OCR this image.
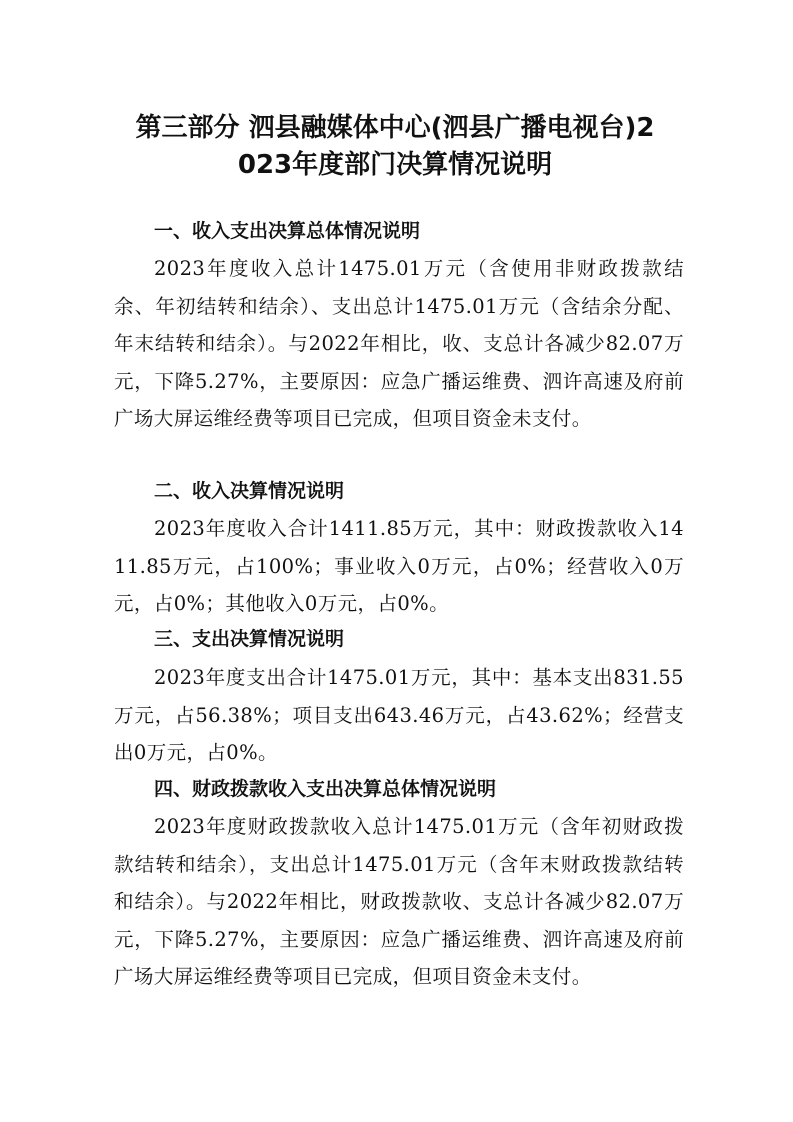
第三部分 泗县融媒体中心(泗县广播电视台)2
023年度部门决算情况说明
一、收入支出决算总体情况说明
2023年度收入总计1475.01万元（含使用非财政拨款结余、年初结转和结余）、支出总计1475.01万元（含结余分配、年末结转和结余）。与2022年相比，收、支总计各减少82.07万元，下降5.27%，主要原因：应急广播运维费、泗许高速及府前广场大屏运维经费等项目已完成，但项目资金未支付。
二、收入决算情况说明
2023年度收入合计1411.85万元，其中：财政拨款收入1411.85万元，占100%；事业收入0万元，占0%；经营收入0万元，占0%；其他收入0万元，占0%。
三、支出决算情况说明
2023年度支出合计1475.01万元，其中：基本支出831.55万元，占56.38%；项目支出643.46万元，占43.62%；经营支出0万元，占0%。
四、财政拨款收入支出决算总体情况说明
2023年度财政拨款收入总计1475.01万元（含年初财政拨款结转和结余），支出总计1475.01万元（含年末财政拨款结转和结余）。与2022年相比，财政拨款收、支总计各减少82.07万元，下降5.27%，主要原因：应急广播运维费、泗许高速及府前广场大屏运维经费等项目已完成，但项目资金未支付。
